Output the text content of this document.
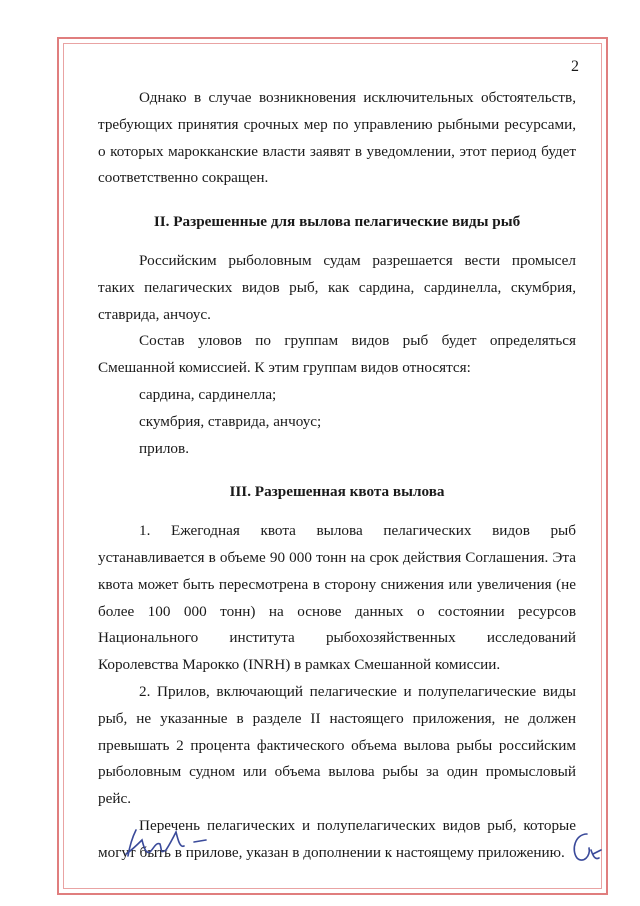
2

Однако в случае возникновения исключительных обстоятельств, требующих принятия срочных мер по управлению рыбными ресурсами, о которых марокканские власти заявят в уведомлении, этот период будет соответственно сокращен.

II. Разрешенные для вылова пелагические виды рыб

Российским рыболовным судам разрешается вести промысел таких пелагических видов рыб, как сардина, сардинелла, скумбрия, ставрида, анчоус.

Состав уловов по группам видов рыб будет определяться Смешанной комиссией. К этим группам видов относятся:

сардина, сардинелла;

скумбрия, ставрида, анчоус;

прилов.

III. Разрешенная квота вылова

1. Ежегодная квота вылова пелагических видов рыб устанавливается в объеме 90 000 тонн на срок действия Соглашения. Эта квота может быть пересмотрена в сторону снижения или увеличения (не более 100 000 тонн) на основе данных о состоянии ресурсов Национального института рыбохозяйственных исследований Королевства Марокко (INRH) в рамках Смешанной комиссии.

2. Прилов, включающий пелагические и полупелагические виды рыб, не указанные в разделе II настоящего приложения, не должен превышать 2 процента фактического объема вылова рыбы российским рыболовным судном или объема вылова рыбы за один промысловый рейс.

Перечень пелагических и полупелагических видов рыб, которые могут быть в прилове, указан в дополнении к настоящему приложению.
